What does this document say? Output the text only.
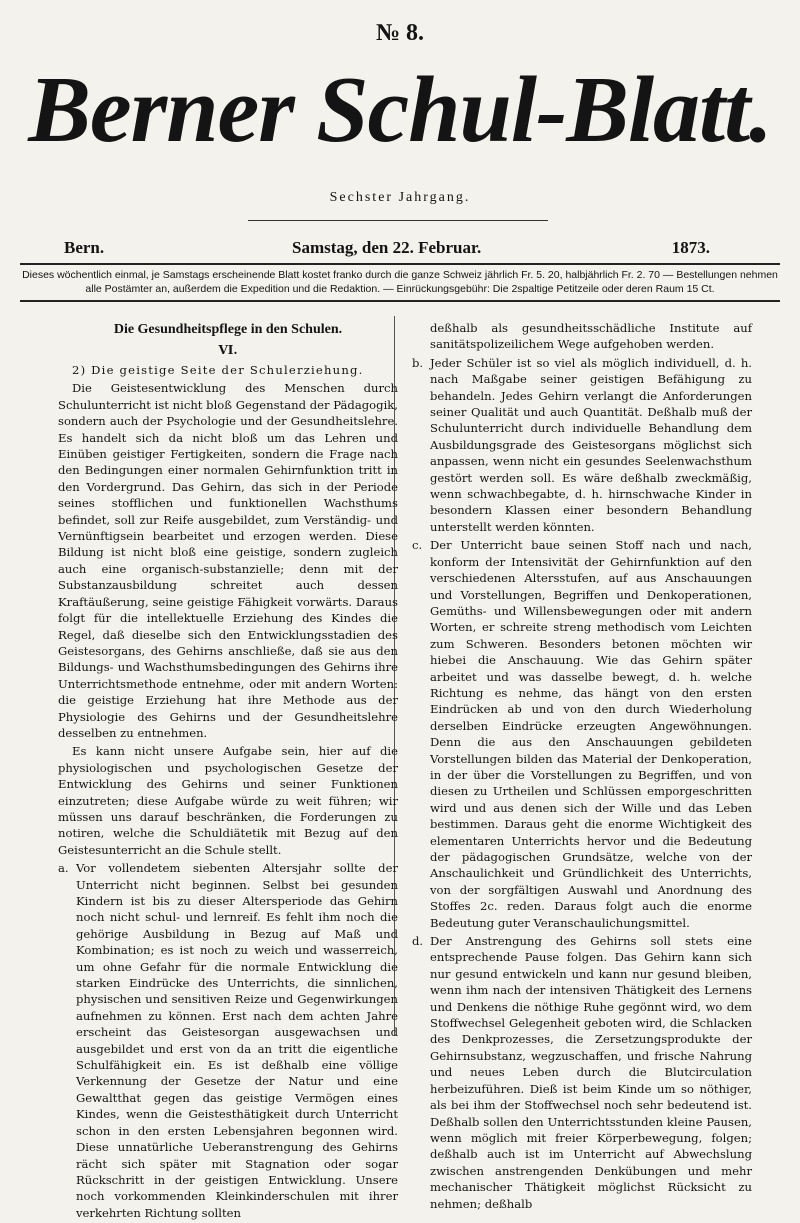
№ 8.
Berner Schul-Blatt.
Sechster Jahrgang.
Bern.	Samstag, den 22. Februar.	1873.
Dieses wöchentlich einmal, je Samstags erscheinende Blatt kostet franko durch die ganze Schweiz jährlich Fr. 5. 20, halbjährlich Fr. 2. 70 — Bestellungen nehmen alle Postämter an, außerdem die Expedition und die Redaktion. — Einrückungsgebühr: Die 2spaltige Petitzeile oder deren Raum 15 Ct.
Die Gesundheitspflege in den Schulen.
VI.
2) Die geistige Seite der Schulerziehung.

Die Geistesentwicklung des Menschen durch Schulunterricht ist nicht bloß Gegenstand der Pädagogik, sondern auch der Psychologie und der Gesundheitslehre. Es handelt sich da nicht bloß um das Lehren und Einüben geistiger Fertigkeiten, sondern die Frage nach den Bedingungen einer normalen Gehirnfunktion tritt in den Vordergrund. Das Gehirn, das sich in der Periode seines stofflichen und funktionellen Wachsthums befindet, soll zur Reife ausgebildet, zum Verständig- und Vernünftigsein bearbeitet und erzogen werden. Diese Bildung ist nicht bloß eine geistige, sondern zugleich auch eine organisch-substanzielle; denn mit der Substanzausbildung schreitet auch dessen Kraftäußerung, seine geistige Fähigkeit vorwärts. Daraus folgt für die intellektuelle Erziehung des Kindes die Regel, daß dieselbe sich den Entwicklungsstadien des Geistesorgans, des Gehirns anschließe, daß sie aus den Bildungs- und Wachsthumsbedingungen des Gehirns ihre Unterrichtsmethode entnehme, oder mit andern Worten: die geistige Erziehung hat ihre Methode aus der Physiologie des Gehirns und der Gesundheitslehre desselben zu entnehmen.

Es kann nicht unsere Aufgabe sein, hier auf die physiologischen und psychologischen Gesetze der Entwicklung des Gehirns und seiner Funktionen einzutreten; diese Aufgabe würde zu weit führen; wir müssen uns darauf beschränken, die Forderungen zu notiren, welche die Schuldiätetik mit Bezug auf den Geistesunterricht an die Schule stellt.

a. Vor vollendetem siebenten Altersjahr sollte der Unterricht nicht beginnen. Selbst bei gesunden Kindern ist bis zu dieser Altersperiode das Gehirn noch nicht schul- und lernreif. Es fehlt ihm noch die gehörige Ausbildung in Bezug auf Maß und Kombination; es ist noch zu weich und wasserreich, um ohne Gefahr für die normale Entwicklung die starken Eindrücke des Unterrichts, die sinnlichen, physischen und sensitiven Reize und Gegenwirkungen aufnehmen zu können. Erst nach dem achten Jahre erscheint das Geistesorgan ausgewachsen und ausgebildet und erst von da an tritt die eigentliche Schulfähigkeit ein. Es ist deßhalb eine völlige Verkennung der Gesetze der Natur und eine Gewaltthat gegen das geistige Vermögen eines Kindes, wenn die Geistesthätigkeit durch Unterricht schon in den ersten Lebensjahren begonnen wird. Diese unnatürliche Ueberanstrengung des Gehirns rächt sich später mit Stagnation oder sogar Rückschritt in der geistigen Entwicklung. Unsere noch vorkommenden Kleinkinderschulen mit ihrer verkehrten Richtung sollten

deßhalb als gesundheitsschädliche Institute auf sanitätspolizeilichem Wege aufgehoben werden.

b. Jeder Schüler ist so viel als möglich individuell, d. h. nach Maßgabe seiner geistigen Befähigung zu behandeln. Jedes Gehirn verlangt die Anforderungen seiner Qualität und auch Quantität. Deßhalb muß der Schulunterricht durch individuelle Behandlung dem Ausbildungsgrade des Geistesorgans möglichst sich anpassen, wenn nicht ein gesundes Seelenwachsthum gestört werden soll. Es wäre deßhalb zweckmäßig, wenn schwachbegabte, d. h. hirnschwache Kinder in besondern Klassen einer besondern Behandlung unterstellt werden könnten.
c. Der Unterricht baue seinen Stoff nach und nach, konform der Intensivität der Gehirnfunktion auf den verschiedenen Altersstufen, auf aus Anschauungen und Vorstellungen, Begriffen und Denkoperationen, Gemüths- und Willensbewegungen oder mit andern Worten, er schreite streng methodisch vom Leichten zum Schweren. Besonders betonen möchten wir hiebei die Anschauung. Wie das Gehirn später arbeitet und was dasselbe bewegt, d. h. welche Richtung es nehme, das hängt von den ersten Eindrücken ab und von den durch Wiederholung derselben Eindrücke erzeugten Angewöhnungen. Denn die aus den Anschauungen gebildeten Vorstellungen bilden das Material der Denkoperation, in der über die Vorstellungen zu Begriffen, und von diesen zu Urtheilen und Schlüssen emporgeschritten wird und aus denen sich der Wille und das Leben bestimmen. Daraus geht die enorme Wichtigkeit des elementaren Unterrichts hervor und die Bedeutung der pädagogischen Grundsätze, welche von der Anschaulichkeit und Gründlichkeit des Unterrichts, von der sorgfältigen Auswahl und Anordnung des Stoffes 2c. reden. Daraus folgt auch die enorme Bedeutung guter Veranschaulichungsmittel.
d. Der Anstrengung des Gehirns soll stets eine entsprechende Pause folgen. Das Gehirn kann sich nur gesund entwickeln und kann nur gesund bleiben, wenn ihm nach der intensiven Thätigkeit des Lernens und Denkens die nöthige Ruhe gegönnt wird, wo dem Stoffwechsel Gelegenheit geboten wird, die Schlacken des Denkprozesses, die Zersetzungsprodukte der Gehirnsubstanz, wegzuschaffen, und frische Nahrung und neues Leben durch die Blutcirculation herbeizuführen. Dieß ist beim Kinde um so nöthiger, als bei ihm der Stoffwechsel noch sehr bedeutend ist. Deßhalb sollen den Unterrichtsstunden kleine Pausen, wenn möglich mit freier Körperbewegung, folgen; deßhalb auch ist im Unterricht auf Abwechslung zwischen anstrengenden Denkübungen und mehr mechanischer Thätigkeit möglichst Rücksicht zu nehmen; deßhalb
